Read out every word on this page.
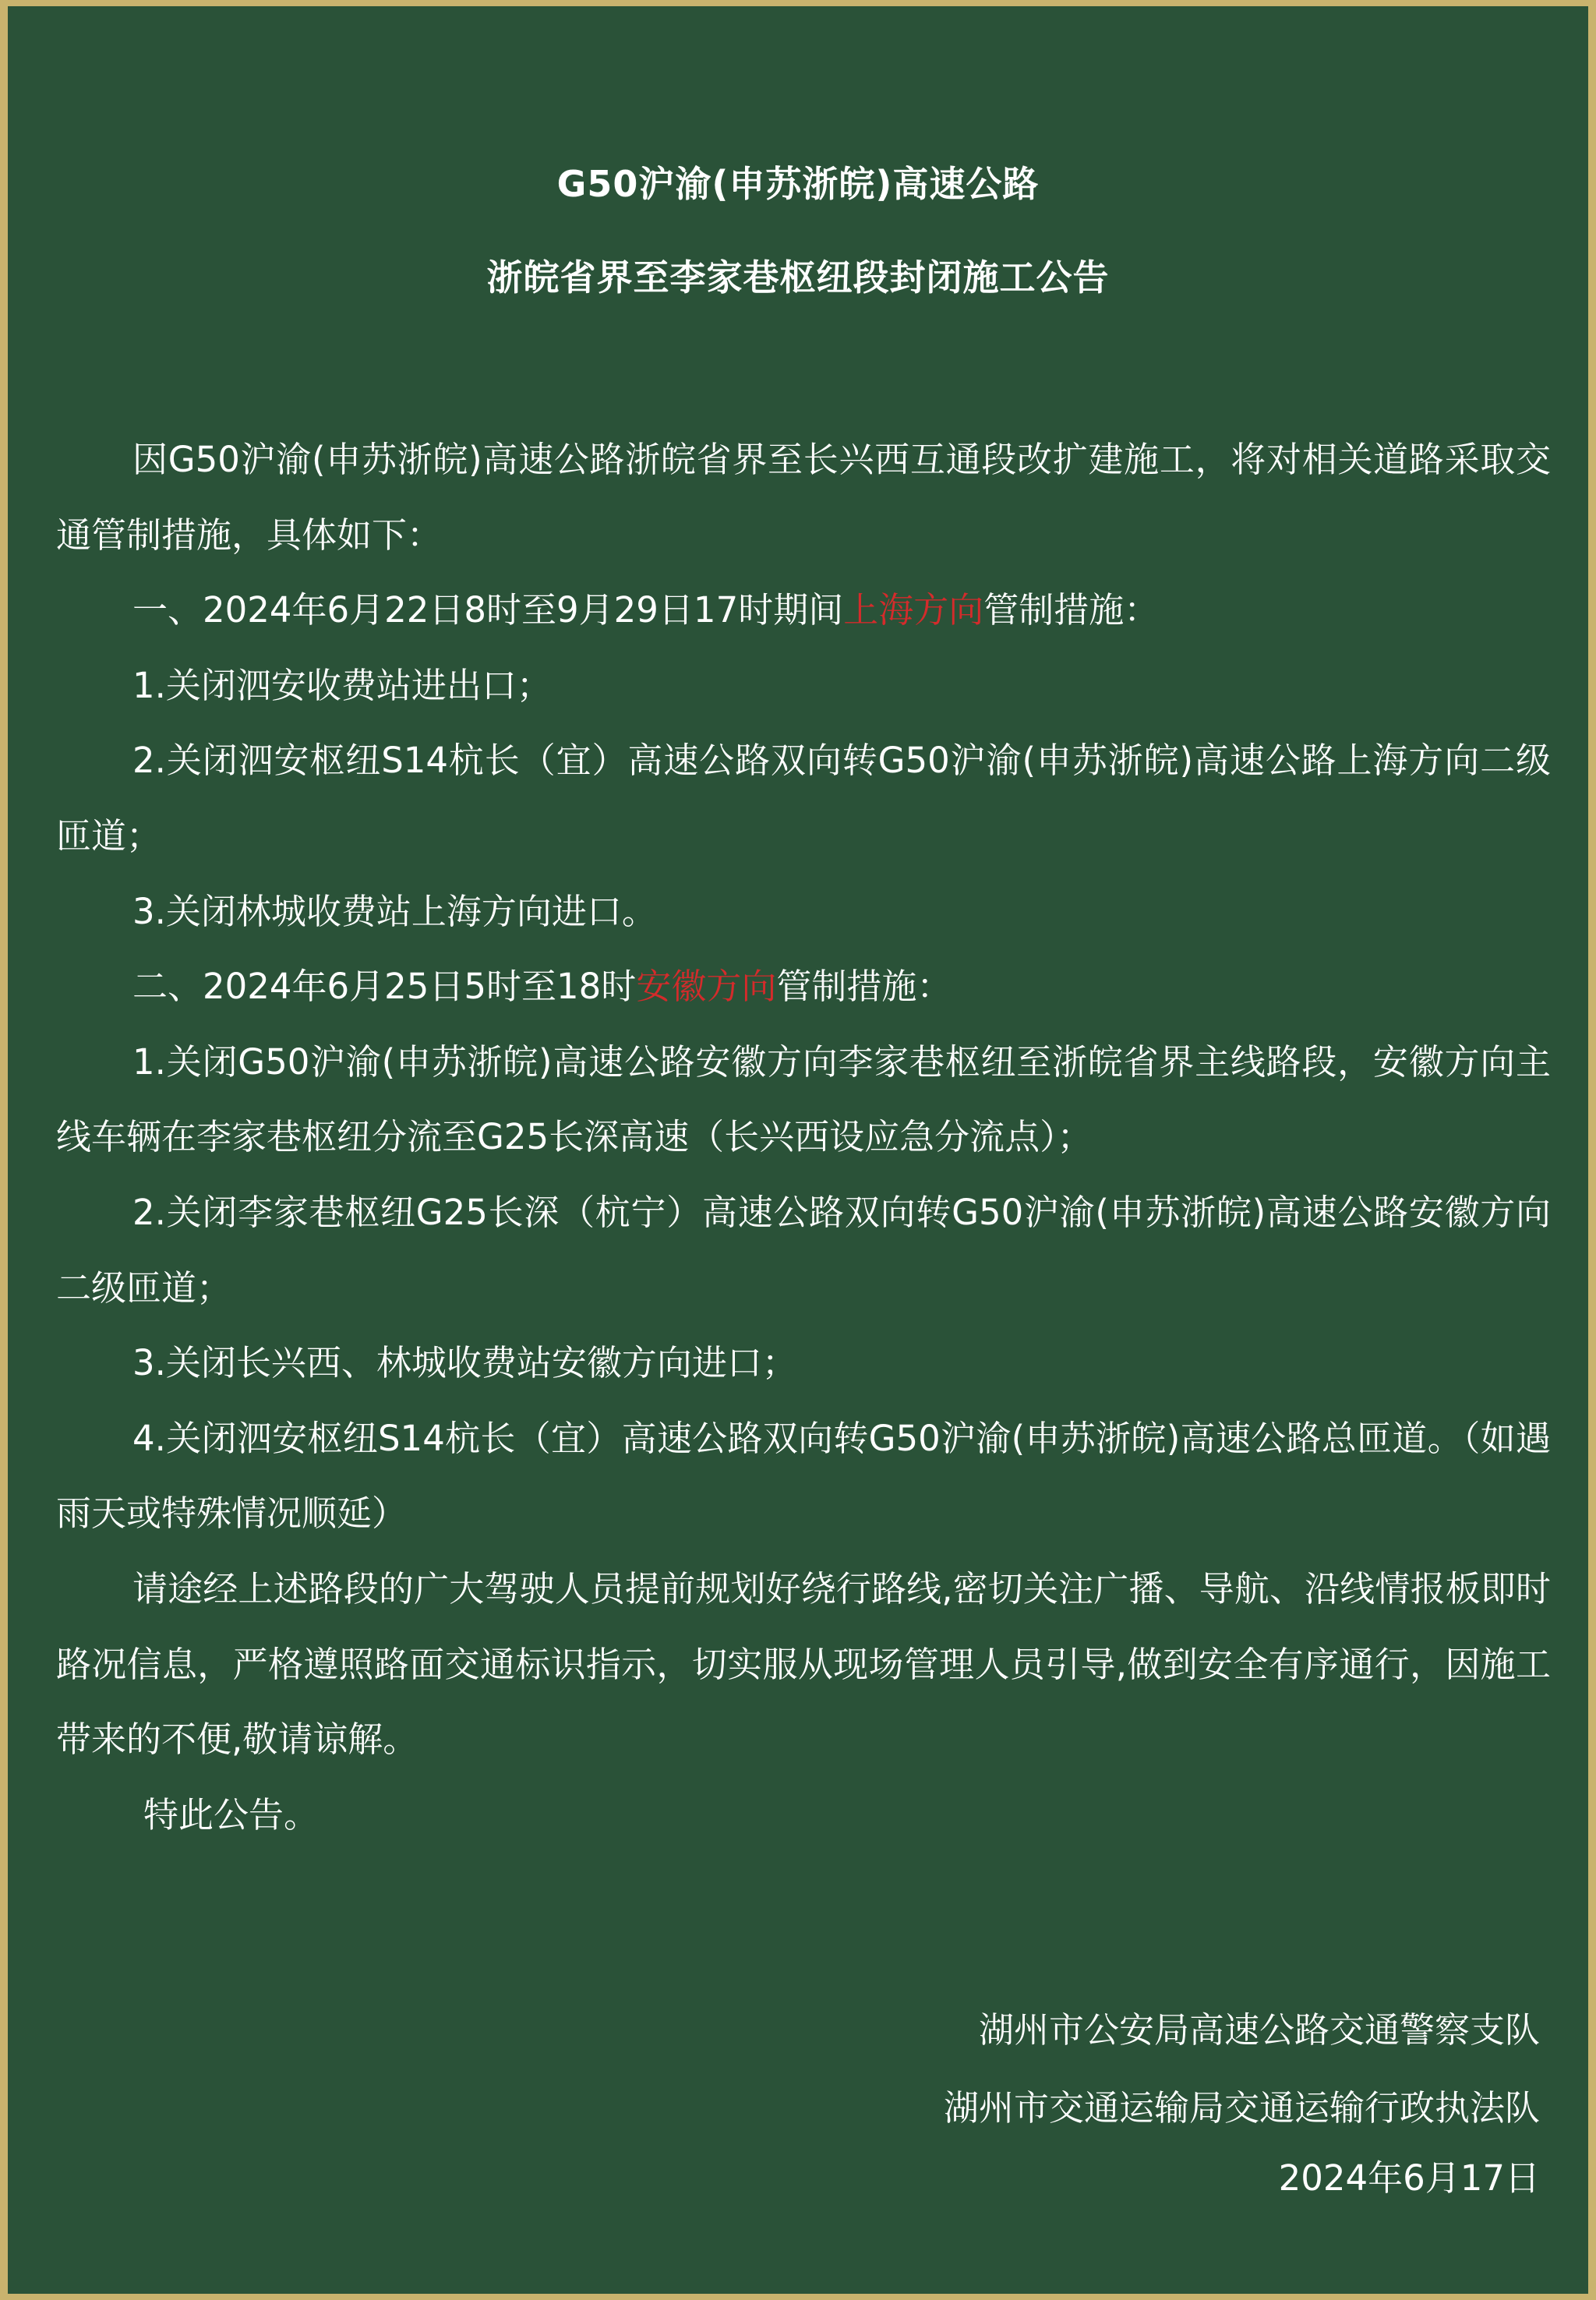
G50沪渝(申苏浙皖)高速公路
浙皖省界至李家巷枢纽段封闭施工公告

因G50沪渝(申苏浙皖)高速公路浙皖省界至长兴西互通段改扩建施工，将对相关道路采取交通管制措施，具体如下：

一、2024年6月22日8时至9月29日17时期间上海方向管制措施：

1.关闭泗安收费站进出口；

2.关闭泗安枢纽S14杭长（宜）高速公路双向转G50沪渝(申苏浙皖)高速公路上海方向二级匝道；

3.关闭林城收费站上海方向进口。

二、2024年6月25日5时至18时安徽方向管制措施：

1.关闭G50沪渝(申苏浙皖)高速公路安徽方向李家巷枢纽至浙皖省界主线路段，安徽方向主线车辆在李家巷枢纽分流至G25长深高速（长兴西设应急分流点）；

2.关闭李家巷枢纽G25长深（杭宁）高速公路双向转G50沪渝(申苏浙皖)高速公路安徽方向二级匝道；

3.关闭长兴西、林城收费站安徽方向进口；

4.关闭泗安枢纽S14杭长（宜）高速公路双向转G50沪渝(申苏浙皖)高速公路总匝道。（如遇雨天或特殊情况顺延）

请途经上述路段的广大驾驶人员提前规划好绕行路线,密切关注广播、导航、沿线情报板即时路况信息，严格遵照路面交通标识指示，切实服从现场管理人员引导,做到安全有序通行，因施工带来的不便,敬请谅解。

特此公告。

湖州市公安局高速公路交通警察支队
湖州市交通运输局交通运输行政执法队
2024年6月17日
